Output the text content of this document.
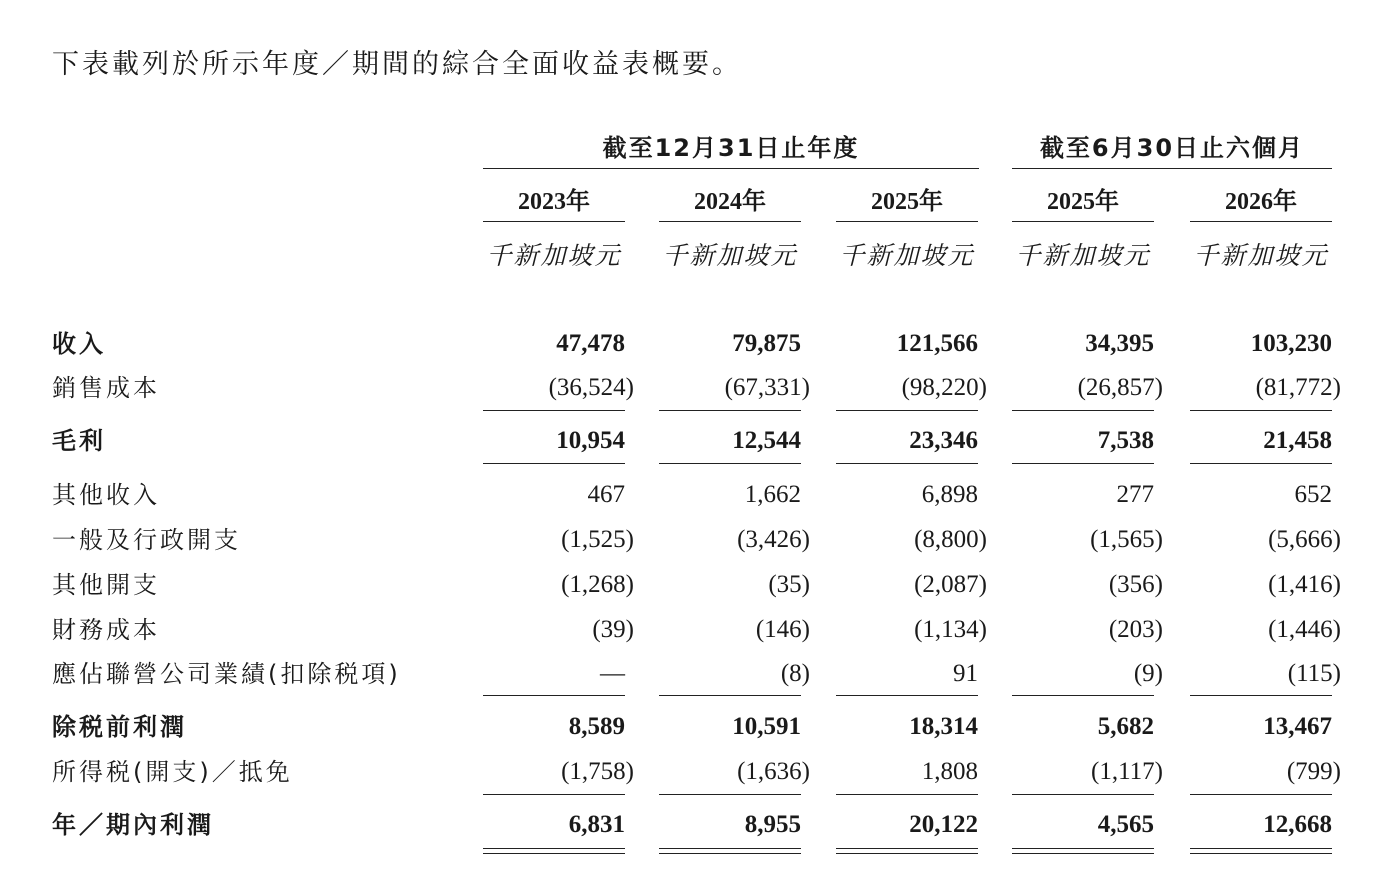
下表載列於所示年度／期間的綜合全面收益表概要。
截至12月31日止年度	截至6月30日止六個月
2023年	2024年	2025年	2025年	2026年
千新加坡元 千新加坡元 千新加坡元 千新加坡元 千新加坡元
收入	47,478	79,875	121,566	34,395	103,230
銷售成本	(36,524)	(67,331)	(98,220)	(26,857)	(81,772)
毛利	10,954	12,544	23,346	7,538	21,458
其他收入	467	1,662	6,898	277	652
一般及行政開支	(1,525)	(3,426)	(8,800)	(1,565)	(5,666)
其他開支	(1,268)	(35)	(2,087)	(356)	(1,416)
財務成本	(39)	(146)	(1,134)	(203)	(1,446)
應佔聯營公司業績(扣除税項)	—	(8)	91	(9)	(115)
除税前利潤	8,589	10,591	18,314	5,682	13,467
所得税(開支)／抵免	(1,758)	(1,636)	1,808	(1,117)	(799)
年／期內利潤	6,831	8,955	20,122	4,565	12,668
